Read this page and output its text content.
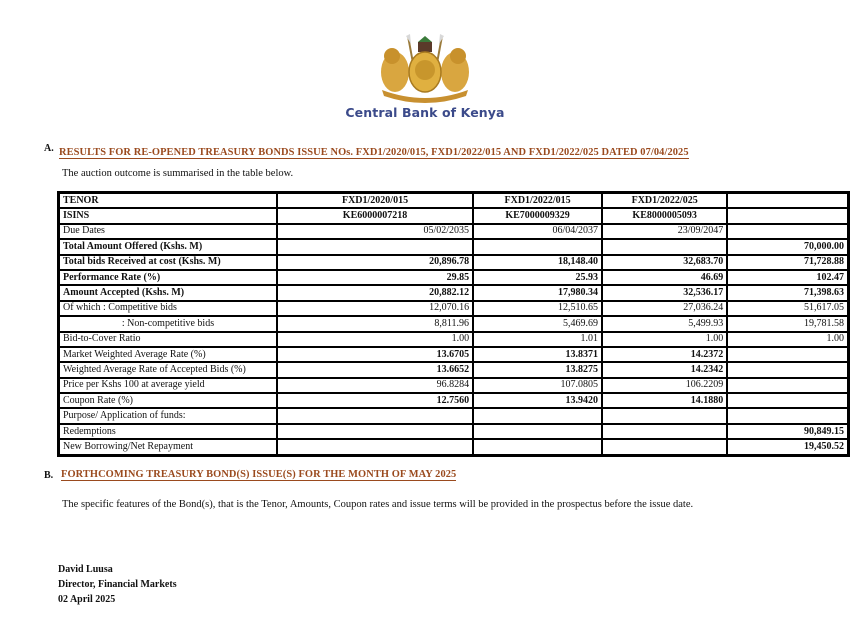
Central Bank of Kenya
A. RESULTS FOR RE-OPENED TREASURY BONDS ISSUE NOs. FXD1/2020/015, FXD1/2022/015 AND FXD1/2022/025 DATED 07/04/2025
The auction outcome is summarised in the table below.
TENOR	FXD1/2020/015	FXD1/2022/015	FXD1/2022/025	
ISINS	KE6000007218	KE7000009329	KE8000005093	
Due Dates	05/02/2035	06/04/2037	23/09/2047	
Total Amount Offered (Kshs. M)				70,000.00
Total bids Received at cost (Kshs. M)	20,896.78	18,148.40	32,683.70	71,728.88
Performance Rate (%)	29.85	25.93	46.69	102.47
Amount Accepted (Kshs. M)	20,882.12	17,980.34	32,536.17	71,398.63
Of which : Competitive bids	12,070.16	12,510.65	27,036.24	51,617.05
: Non-competitive bids	8,811.96	5,469.69	5,499.93	19,781.58
Bid-to-Cover Ratio	1.00	1.01	1.00	1.00
Market Weighted Average Rate (%)	13.6705	13.8371	14.2372	
Weighted Average Rate of Accepted Bids (%)	13.6652	13.8275	14.2342	
Price per Kshs 100 at average yield	96.8284	107.0805	106.2209	
Coupon Rate (%)	12.7560	13.9420	14.1880	
Purpose/ Application of funds:				
Redemptions				90,849.15
New Borrowing/Net Repayment				19,450.52
B. FORTHCOMING TREASURY BOND(S) ISSUE(S) FOR THE MONTH OF MAY 2025
The specific features of the Bond(s), that is the Tenor, Amounts, Coupon rates and issue terms will be provided in the prospectus before the issue date.
David Luusa
Director, Financial Markets
02 April 2025
